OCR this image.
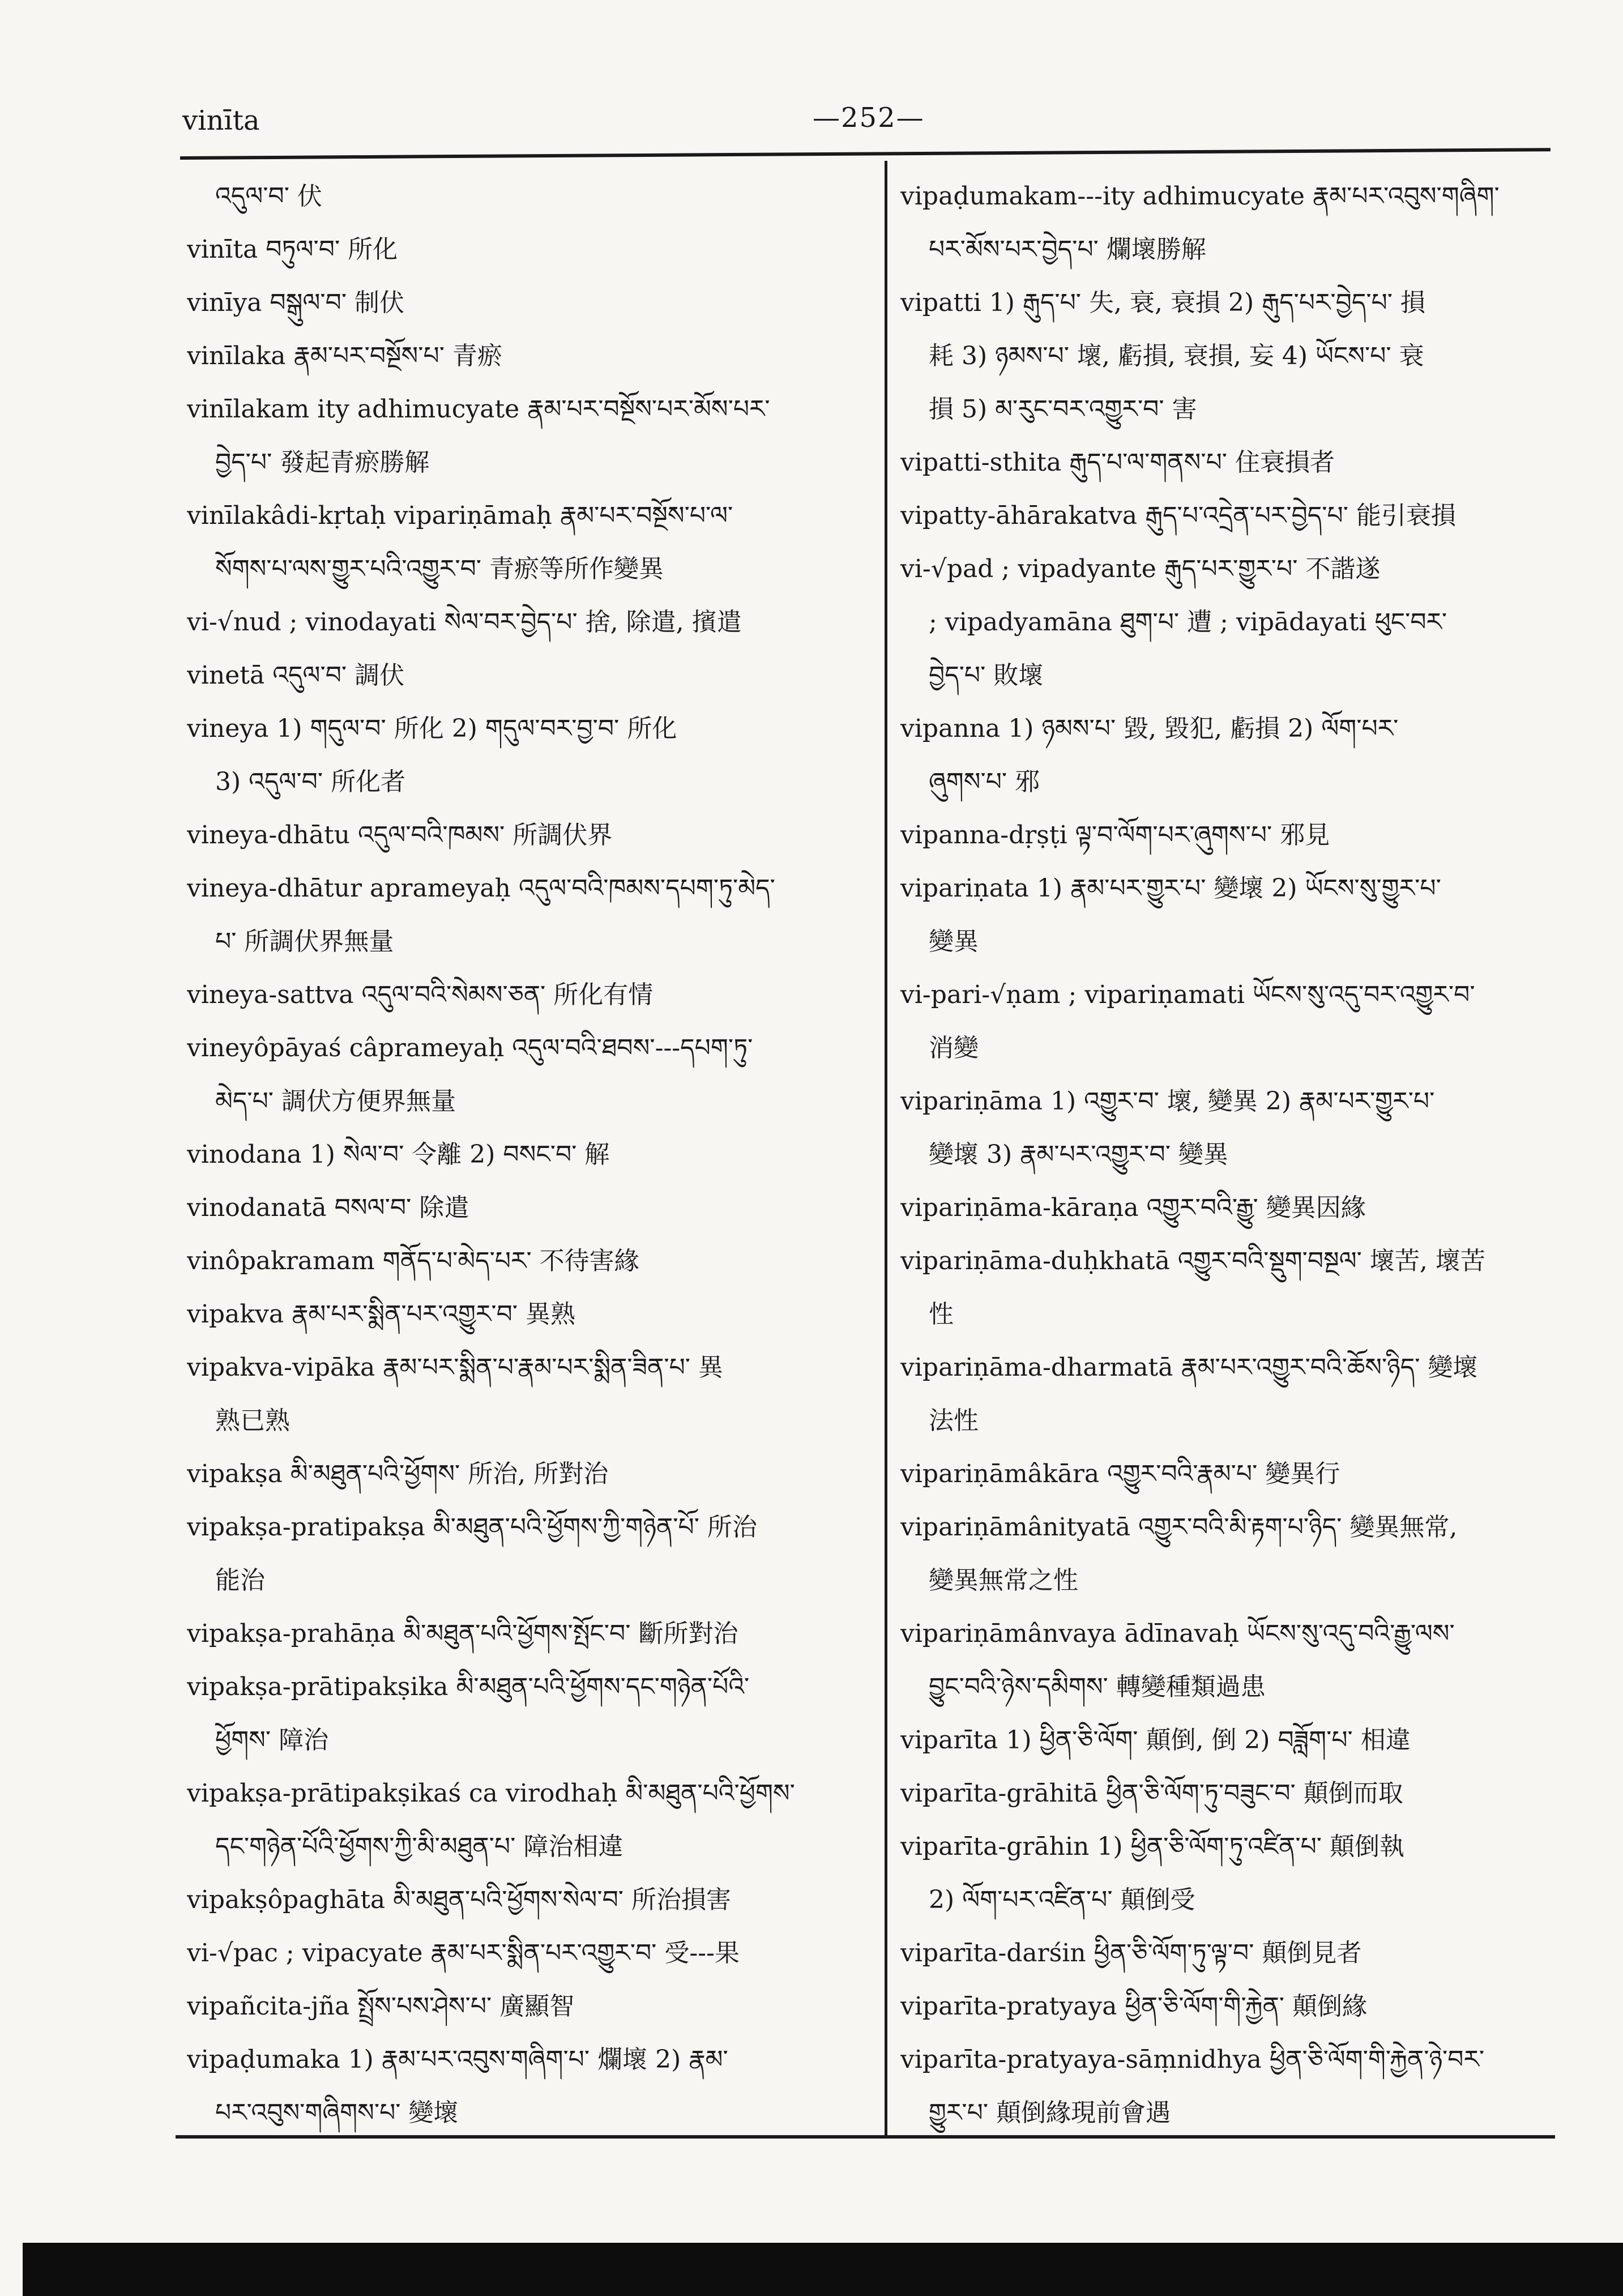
vinīta	—252—
འདུལ་བ་ 伏
vinīta བཏུལ་བ་ 所化
vinīya བསྒུལ་བ་ 制伏
vinīlaka རྣམ་པར་བསྔོས་པ་ 青瘀
vinīlakam ity adhimucyate རྣམ་པར་བསྔོས་པར་མོས་པར་
བྱེད་པ་ 發起青瘀勝解
vinīlakâdi-kṛtaḥ vipariṇāmaḥ རྣམ་པར་བསྔོས་པ་ལ་
སོགས་པ་ལས་གྱུར་པའི་འགྱུར་བ་ 青瘀等所作變異
vi-√nud ; vinodayati སེལ་བར་བྱེད་པ་ 捨, 除遣, 擯遣
vinetā འདུལ་བ་ 調伏
vineya 1) གདུལ་བ་ 所化 2) གདུལ་བར་བྱ་བ་ 所化
3) འདུལ་བ་ 所化者
vineya-dhātu འདུལ་བའི་ཁམས་ 所調伏界
vineya-dhātur aprameyaḥ འདུལ་བའི་ཁམས་དཔག་ཏུ་མེད་
པ་ 所調伏界無量
vineya-sattva འདུལ་བའི་སེམས་ཅན་ 所化有情
vineyôpāyaś câprameyaḥ འདུལ་བའི་ཐབས་---དཔག་ཏུ་
མེད་པ་ 調伏方便界無量
vinodana 1) སེལ་བ་ 令離 2) བསང་བ་ 解
vinodanatā བསལ་བ་ 除遣
vinôpakramam གནོད་པ་མེད་པར་ 不待害緣
vipakva རྣམ་པར་སྨིན་པར་འགྱུར་བ་ 異熟
vipakva-vipāka རྣམ་པར་སྨིན་པ་རྣམ་པར་སྨིན་ཟིན་པ་ 異
熟已熟
vipakṣa མི་མཐུན་པའི་ཕྱོགས་ 所治, 所對治
vipakṣa-pratipakṣa མི་མཐུན་པའི་ཕྱོགས་ཀྱི་གཉེན་པོ་ 所治
能治
vipakṣa-prahāṇa མི་མཐུན་པའི་ཕྱོགས་སྤོང་བ་ 斷所對治
vipakṣa-prātipakṣika མི་མཐུན་པའི་ཕྱོགས་དང་གཉེན་པོའི་
ཕྱོགས་ 障治
vipakṣa-prātipakṣikaś ca virodhaḥ མི་མཐུན་པའི་ཕྱོགས་
དང་གཉེན་པོའི་ཕྱོགས་ཀྱི་མི་མཐུན་པ་ 障治相違
vipakṣôpaghāta མི་མཐུན་པའི་ཕྱོགས་སེལ་བ་ 所治損害
vi-√pac ; vipacyate རྣམ་པར་སྨིན་པར་འགྱུར་བ་ 受---果
vipañcita-jña སྤྲོས་པས་ཤེས་པ་ 廣顯智
vipaḍumaka 1) རྣམ་པར་འབུས་གཞིག་པ་ 爛壞 2) རྣམ་
པར་འབུས་གཞིགས་པ་ 變壞
vipaḍumakam---ity adhimucyate རྣམ་པར་འབུས་གཞིག་
པར་མོས་པར་བྱེད་པ་ 爛壞勝解
vipatti 1) རྒུད་པ་ 失, 衰, 衰損 2) རྒུད་པར་བྱེད་པ་ 損
耗 3) ཉམས་པ་ 壞, 虧損, 衰損, 妄 4) ཡོངས་པ་ 衰
損 5) མ་རུང་བར་འགྱུར་བ་ 害
vipatti-sthita རྒུད་པ་ལ་གནས་པ་ 住衰損者
vipatty-āhārakatva རྒུད་པ་འདྲེན་པར་བྱེད་པ་ 能引衰損
vi-√pad ; vipadyante རྒུད་པར་གྱུར་པ་ 不諧遂
; vipadyamāna ཐུག་པ་ 遭 ; vipādayati ཕུང་བར་
བྱེད་པ་ 敗壞
vipanna 1) ཉམས་པ་ 毀, 毀犯, 虧損 2) ལོག་པར་
ཞུགས་པ་ 邪
vipanna-dṛṣṭi ལྟ་བ་ལོག་པར་ཞུགས་པ་ 邪見
vipariṇata 1) རྣམ་པར་གྱུར་པ་ 變壞 2) ཡོངས་སུ་གྱུར་པ་
變異
vi-pari-√ṇam ; vipariṇamati ཡོངས་སུ་འདུ་བར་འགྱུར་བ་
消變
vipariṇāma 1) འགྱུར་བ་ 壞, 變異 2) རྣམ་པར་གྱུར་པ་
變壞 3) རྣམ་པར་འགྱུར་བ་ 變異
vipariṇāma-kāraṇa འགྱུར་བའི་རྒྱུ་ 變異因緣
vipariṇāma-duḥkhatā འགྱུར་བའི་སྡུག་བསྔལ་ 壞苦, 壞苦
性
vipariṇāma-dharmatā རྣམ་པར་འགྱུར་བའི་ཆོས་ཉིད་ 變壞
法性
vipariṇāmâkāra འགྱུར་བའི་རྣམ་པ་ 變異行
vipariṇāmânityatā འགྱུར་བའི་མི་རྟག་པ་ཉིད་ 變異無常,
變異無常之性
vipariṇāmânvaya ādīnavaḥ ཡོངས་སུ་འདུ་བའི་རྒྱུ་ལས་
བྱུང་བའི་ཉེས་དམིགས་ 轉變種類過患
viparīta 1) ཕྱིན་ཅི་ལོག་ 顛倒, 倒 2) བཟློག་པ་ 相違
viparīta-grāhitā ཕྱིན་ཅི་ལོག་ཏུ་བཟུང་བ་ 顛倒而取
viparīta-grāhin 1) ཕྱིན་ཅི་ལོག་ཏུ་འཛིན་པ་ 顛倒執
2) ལོག་པར་འཛིན་པ་ 顛倒受
viparīta-darśin ཕྱིན་ཅི་ལོག་ཏུ་ལྟ་བ་ 顛倒見者
viparīta-pratyaya ཕྱིན་ཅི་ལོག་གི་རྐྱེན་ 顛倒緣
viparīta-pratyaya-sāṃnidhya ཕྱིན་ཅི་ལོག་གི་རྐྱེན་ཉེ་བར་
གྱུར་པ་ 顛倒緣現前會遇
